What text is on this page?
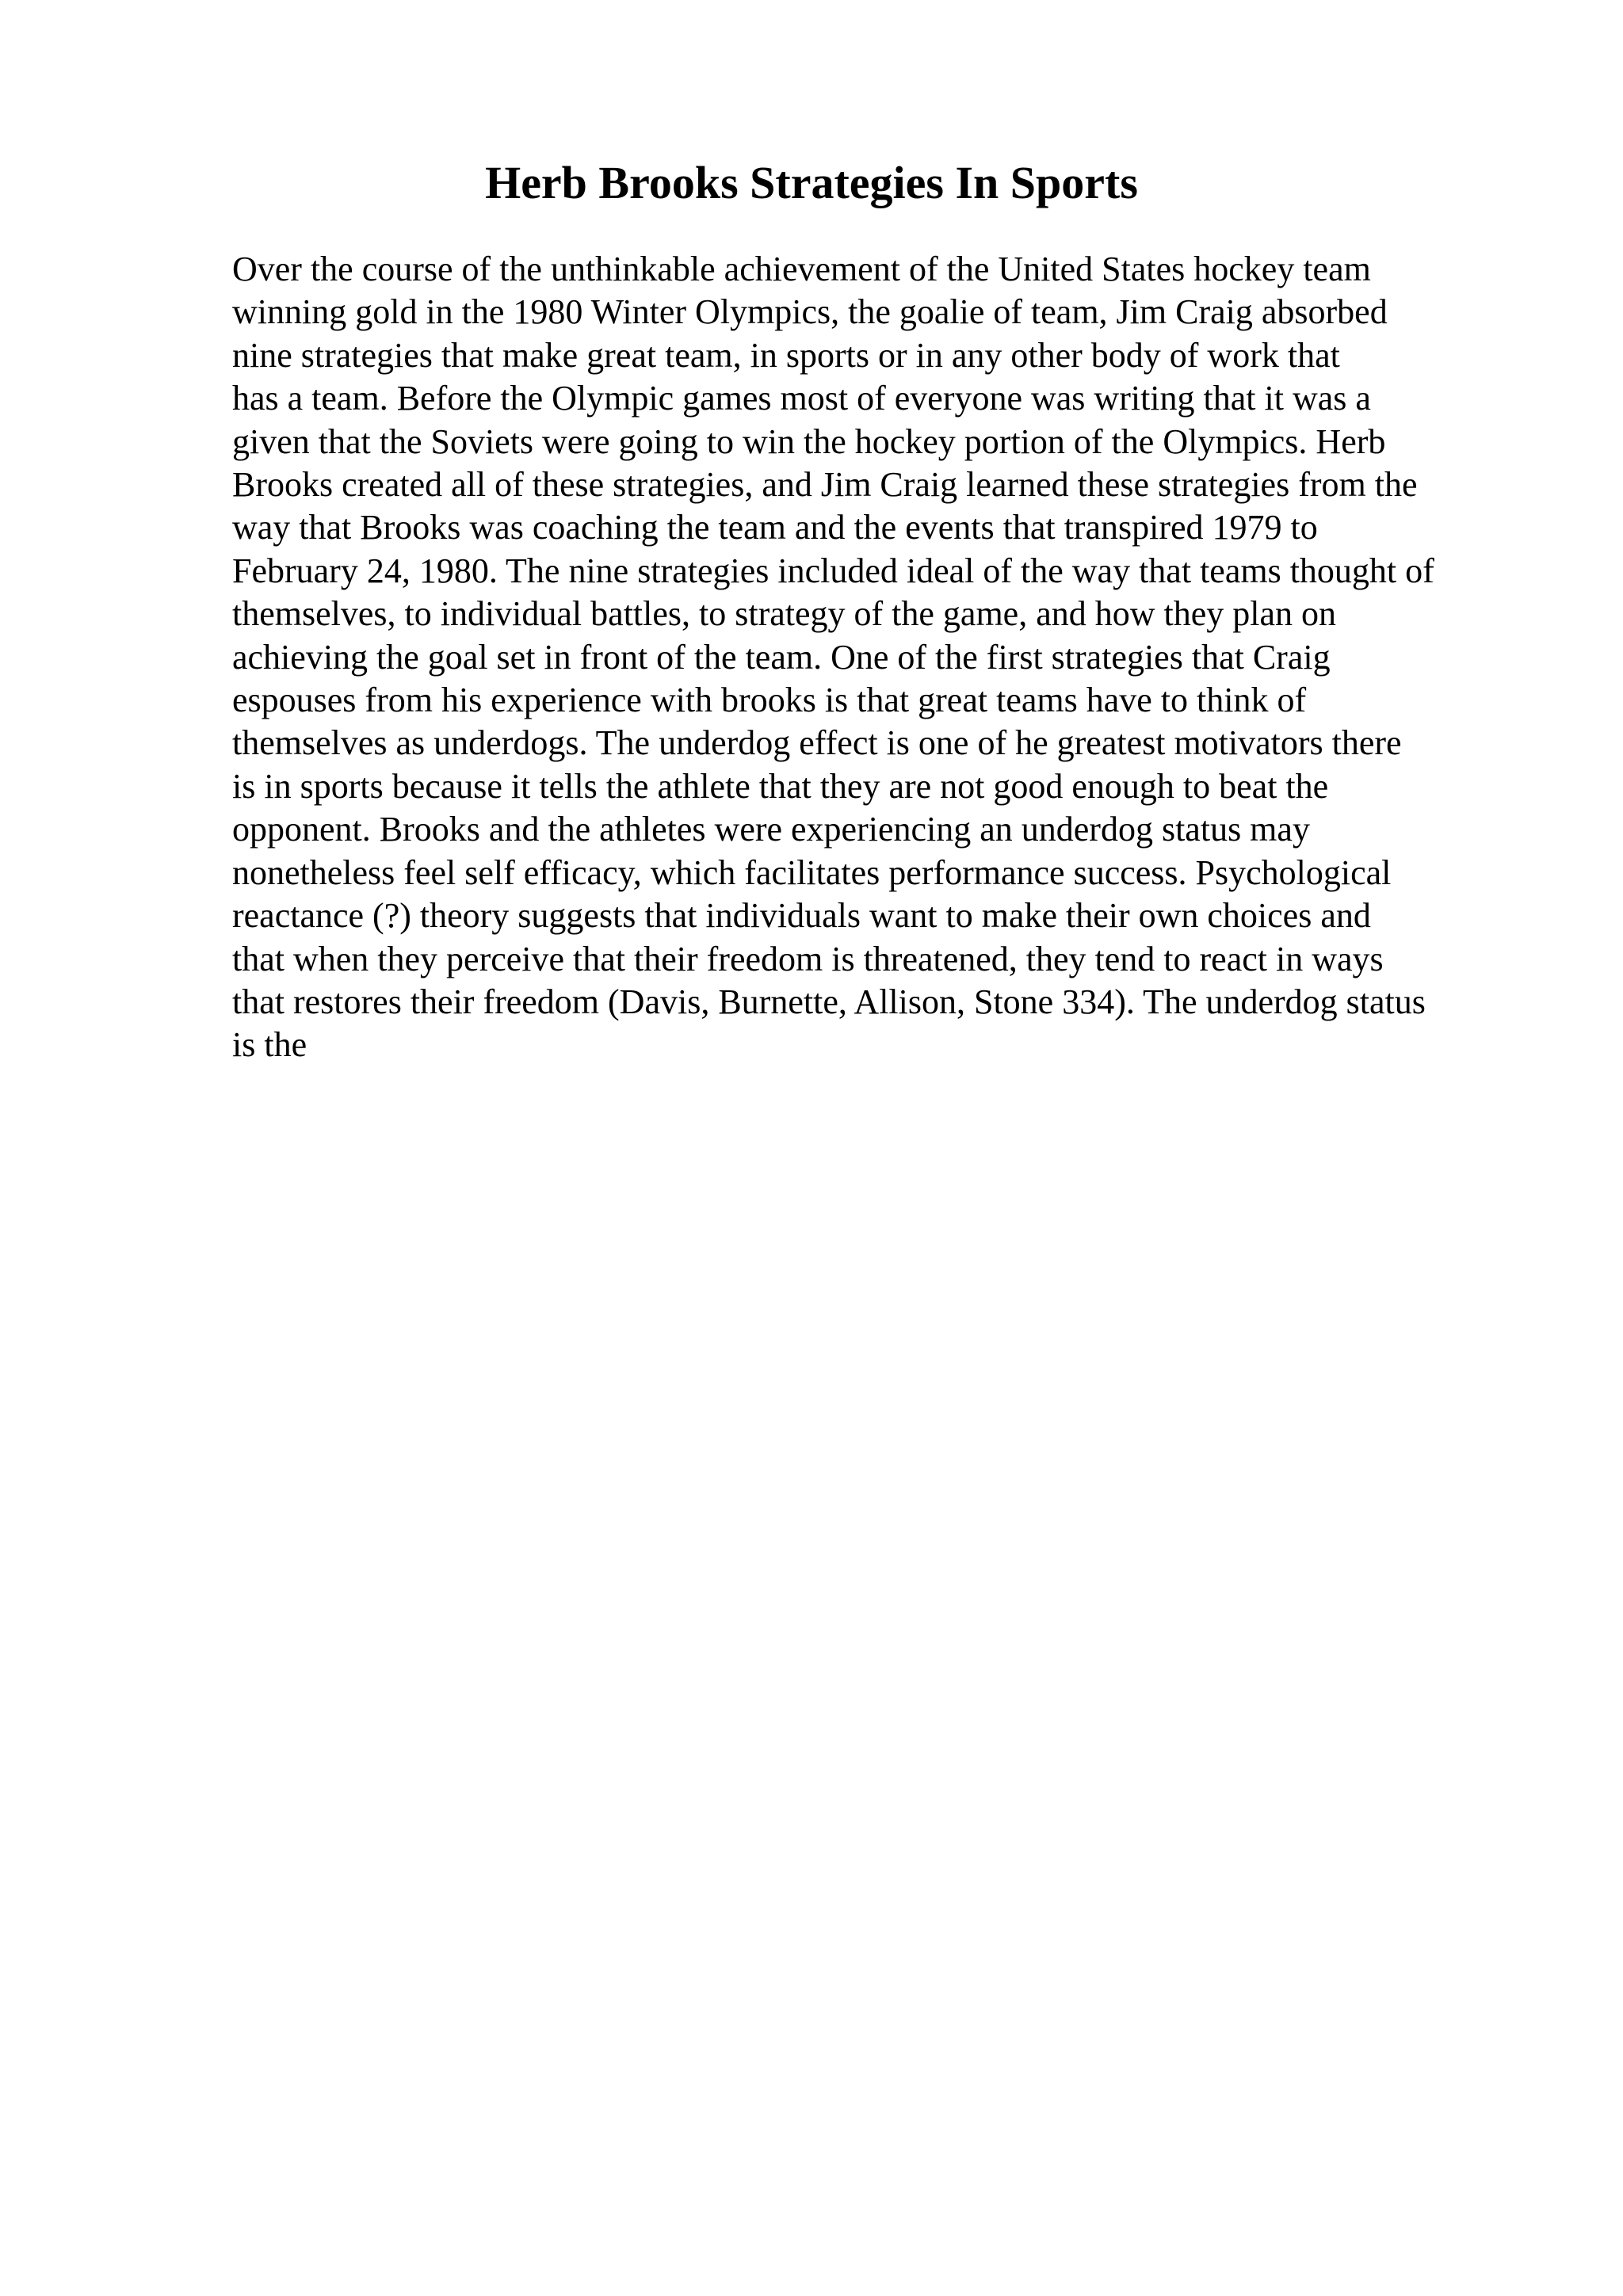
Herb Brooks Strategies In Sports
Over the course of the unthinkable achievement of the United States hockey team
winning gold in the 1980 Winter Olympics, the goalie of team, Jim Craig absorbed
nine strategies that make great team, in sports or in any other body of work that
has a team. Before the Olympic games most of everyone was writing that it was a
given that the Soviets were going to win the hockey portion of the Olympics. Herb
Brooks created all of these strategies, and Jim Craig learned these strategies from the
way that Brooks was coaching the team and the events that transpired 1979 to
February 24, 1980. The nine strategies included ideal of the way that teams thought of
themselves, to individual battles, to strategy of the game, and how they plan on
achieving the goal set in front of the team. One of the first strategies that Craig
espouses from his experience with brooks is that great teams have to think of
themselves as underdogs. The underdog effect is one of he greatest motivators there
is in sports because it tells the athlete that they are not good enough to beat the
opponent. Brooks and the athletes were experiencing an underdog status may
nonetheless feel self efficacy, which facilitates performance success. Psychological
reactance (?) theory suggests that individuals want to make their own choices and
that when they perceive that their freedom is threatened, they tend to react in ways
that restores their freedom (Davis, Burnette, Allison, Stone 334). The underdog status
is the
